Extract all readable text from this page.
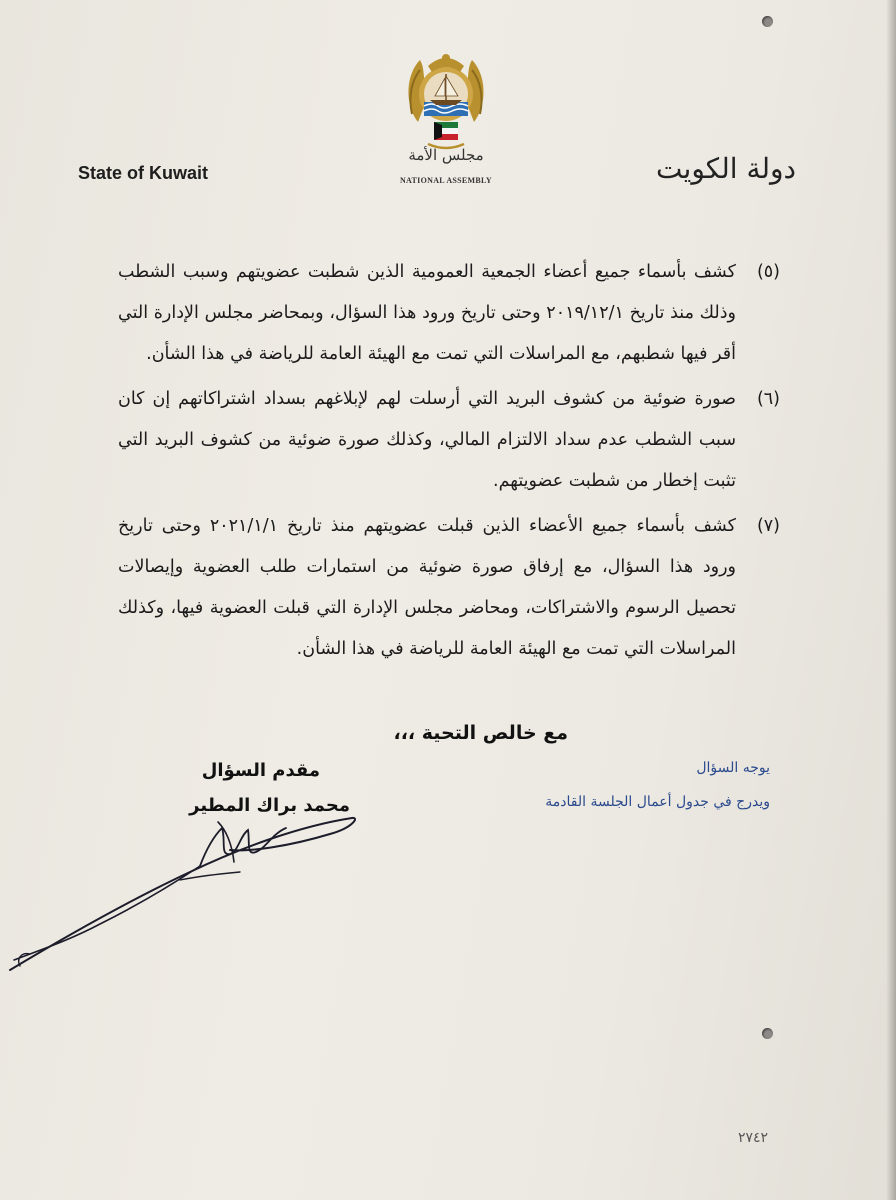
مجلس الأمة
NATIONAL ASSEMBLY
State of Kuwait	دولة الكويت
(٥)
كشف بأسماء جميع أعضاء الجمعية العمومية الذين شطبت عضويتهم وسبب الشطب وذلك منذ تاريخ ٢٠١٩/١٢/١ وحتى تاريخ ورود هذا السؤال، وبمحاضر مجلس الإدارة التي أقر فيها شطبهم، مع المراسلات التي تمت مع الهيئة العامة للرياضة في هذا الشأن.
(٦)
صورة ضوئية من كشوف البريد التي أرسلت لهم لإبلاغهم بسداد اشتراكاتهم إن كان سبب الشطب عدم سداد الالتزام المالي، وكذلك صورة ضوئية من كشوف البريد التي تثبت إخطار من شطبت عضويتهم.
(٧)
كشف بأسماء جميع الأعضاء الذين قبلت عضويتهم منذ تاريخ ٢٠٢١/١/١ وحتى تاريخ ورود هذا السؤال، مع إرفاق صورة ضوئية من استمارات طلب العضوية وإيصالات تحصيل الرسوم والاشتراكات، ومحاضر مجلس الإدارة التي قبلت العضوية فيها، وكذلك المراسلات التي تمت مع الهيئة العامة للرياضة في هذا الشأن.
مع خالص التحية ،،،
مقدم السؤال
محمد براك المطير
يوجه السؤال
ويدرج في جدول أعمال الجلسة القادمة
٢٧٤٢
